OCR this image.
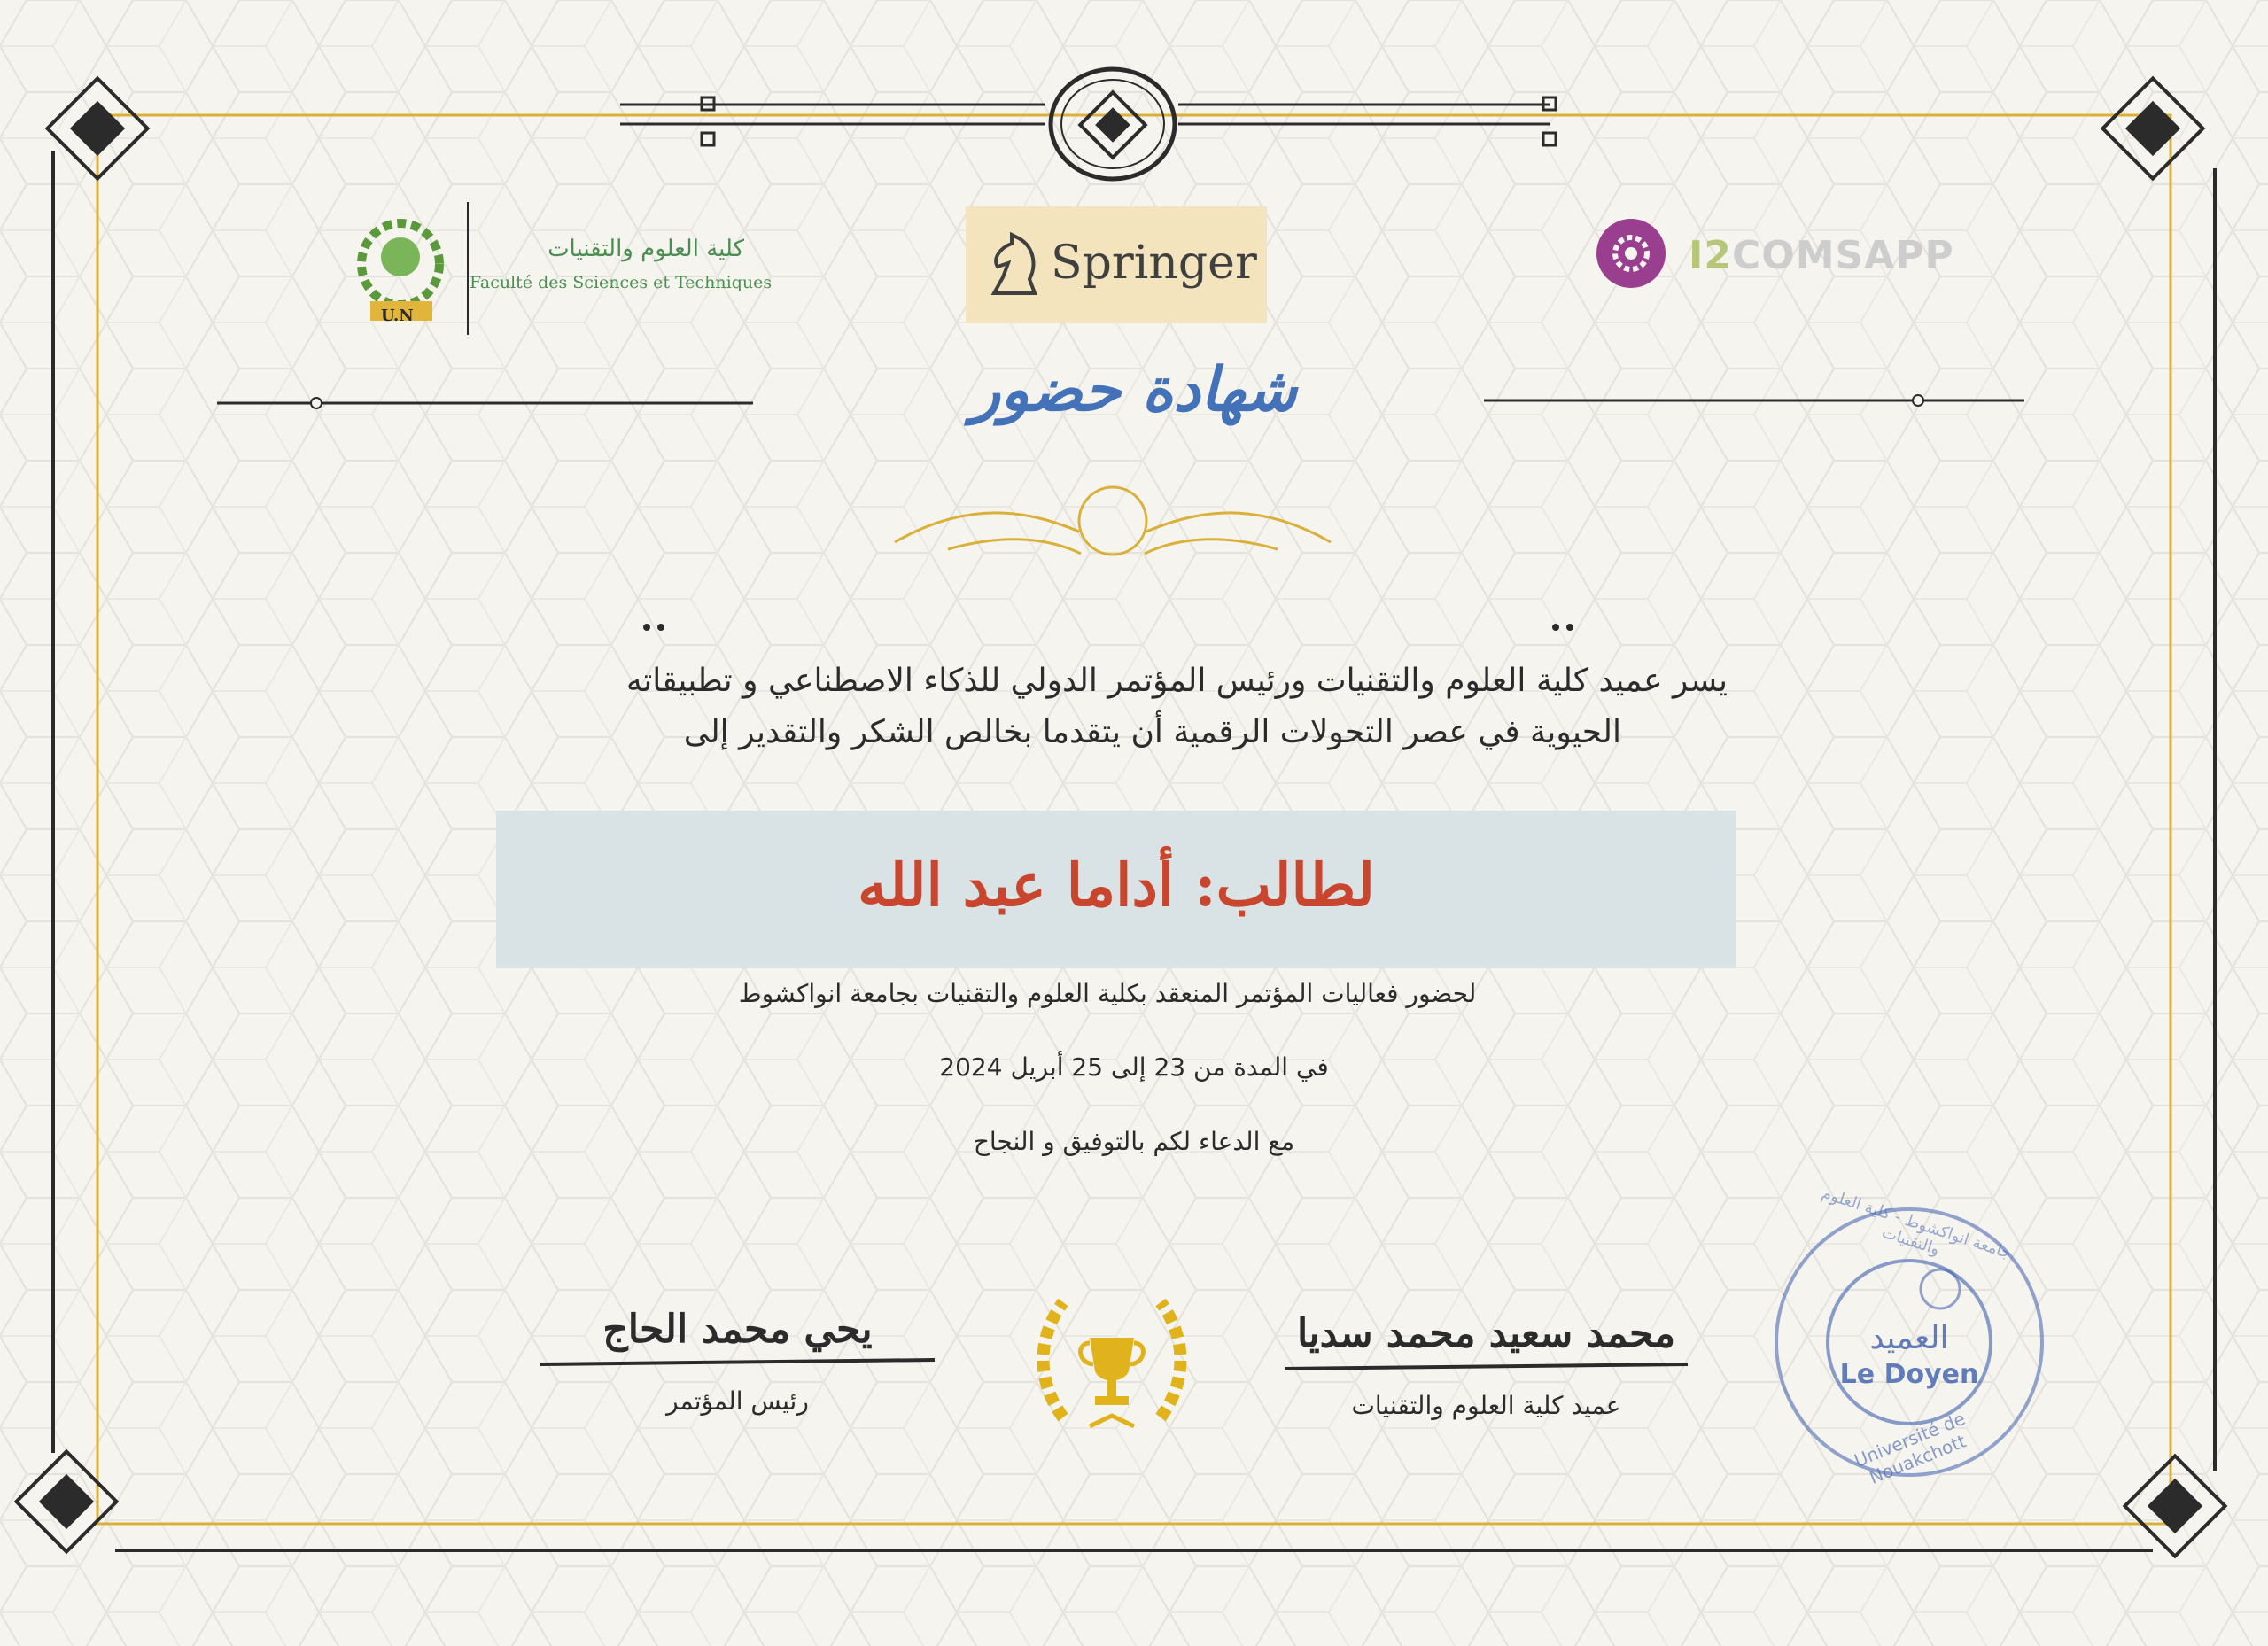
U.N
كلية العلوم والتقنيات
Faculté des Sciences et Techniques	Springer	I2COMSAPP
شهادة حضور
يسر عميد كلية العلوم والتقنيات ورئيس المؤتمر الدولي للذكاء الاصطناعي و تطبيقاته
الحيوية في عصر التحولات الرقمية أن يتقدما بخالص الشكر والتقدير إلى
لطالب: أداما عبد الله
لحضور فعاليات المؤتمر المنعقد بكلية العلوم والتقنيات بجامعة انواكشوط
في المدة من 23 إلى 25 أبريل 2024
مع الدعاء لكم بالتوفيق و النجاح
يحي محمد الحاج
رئيس المؤتمر
محمد سعيد محمد سديا
عميد كلية العلوم والتقنيات
العميد
Le Doyen
Université de Nouakchott
جامعة انواكشوط - كلية العلوم والتقنيات
